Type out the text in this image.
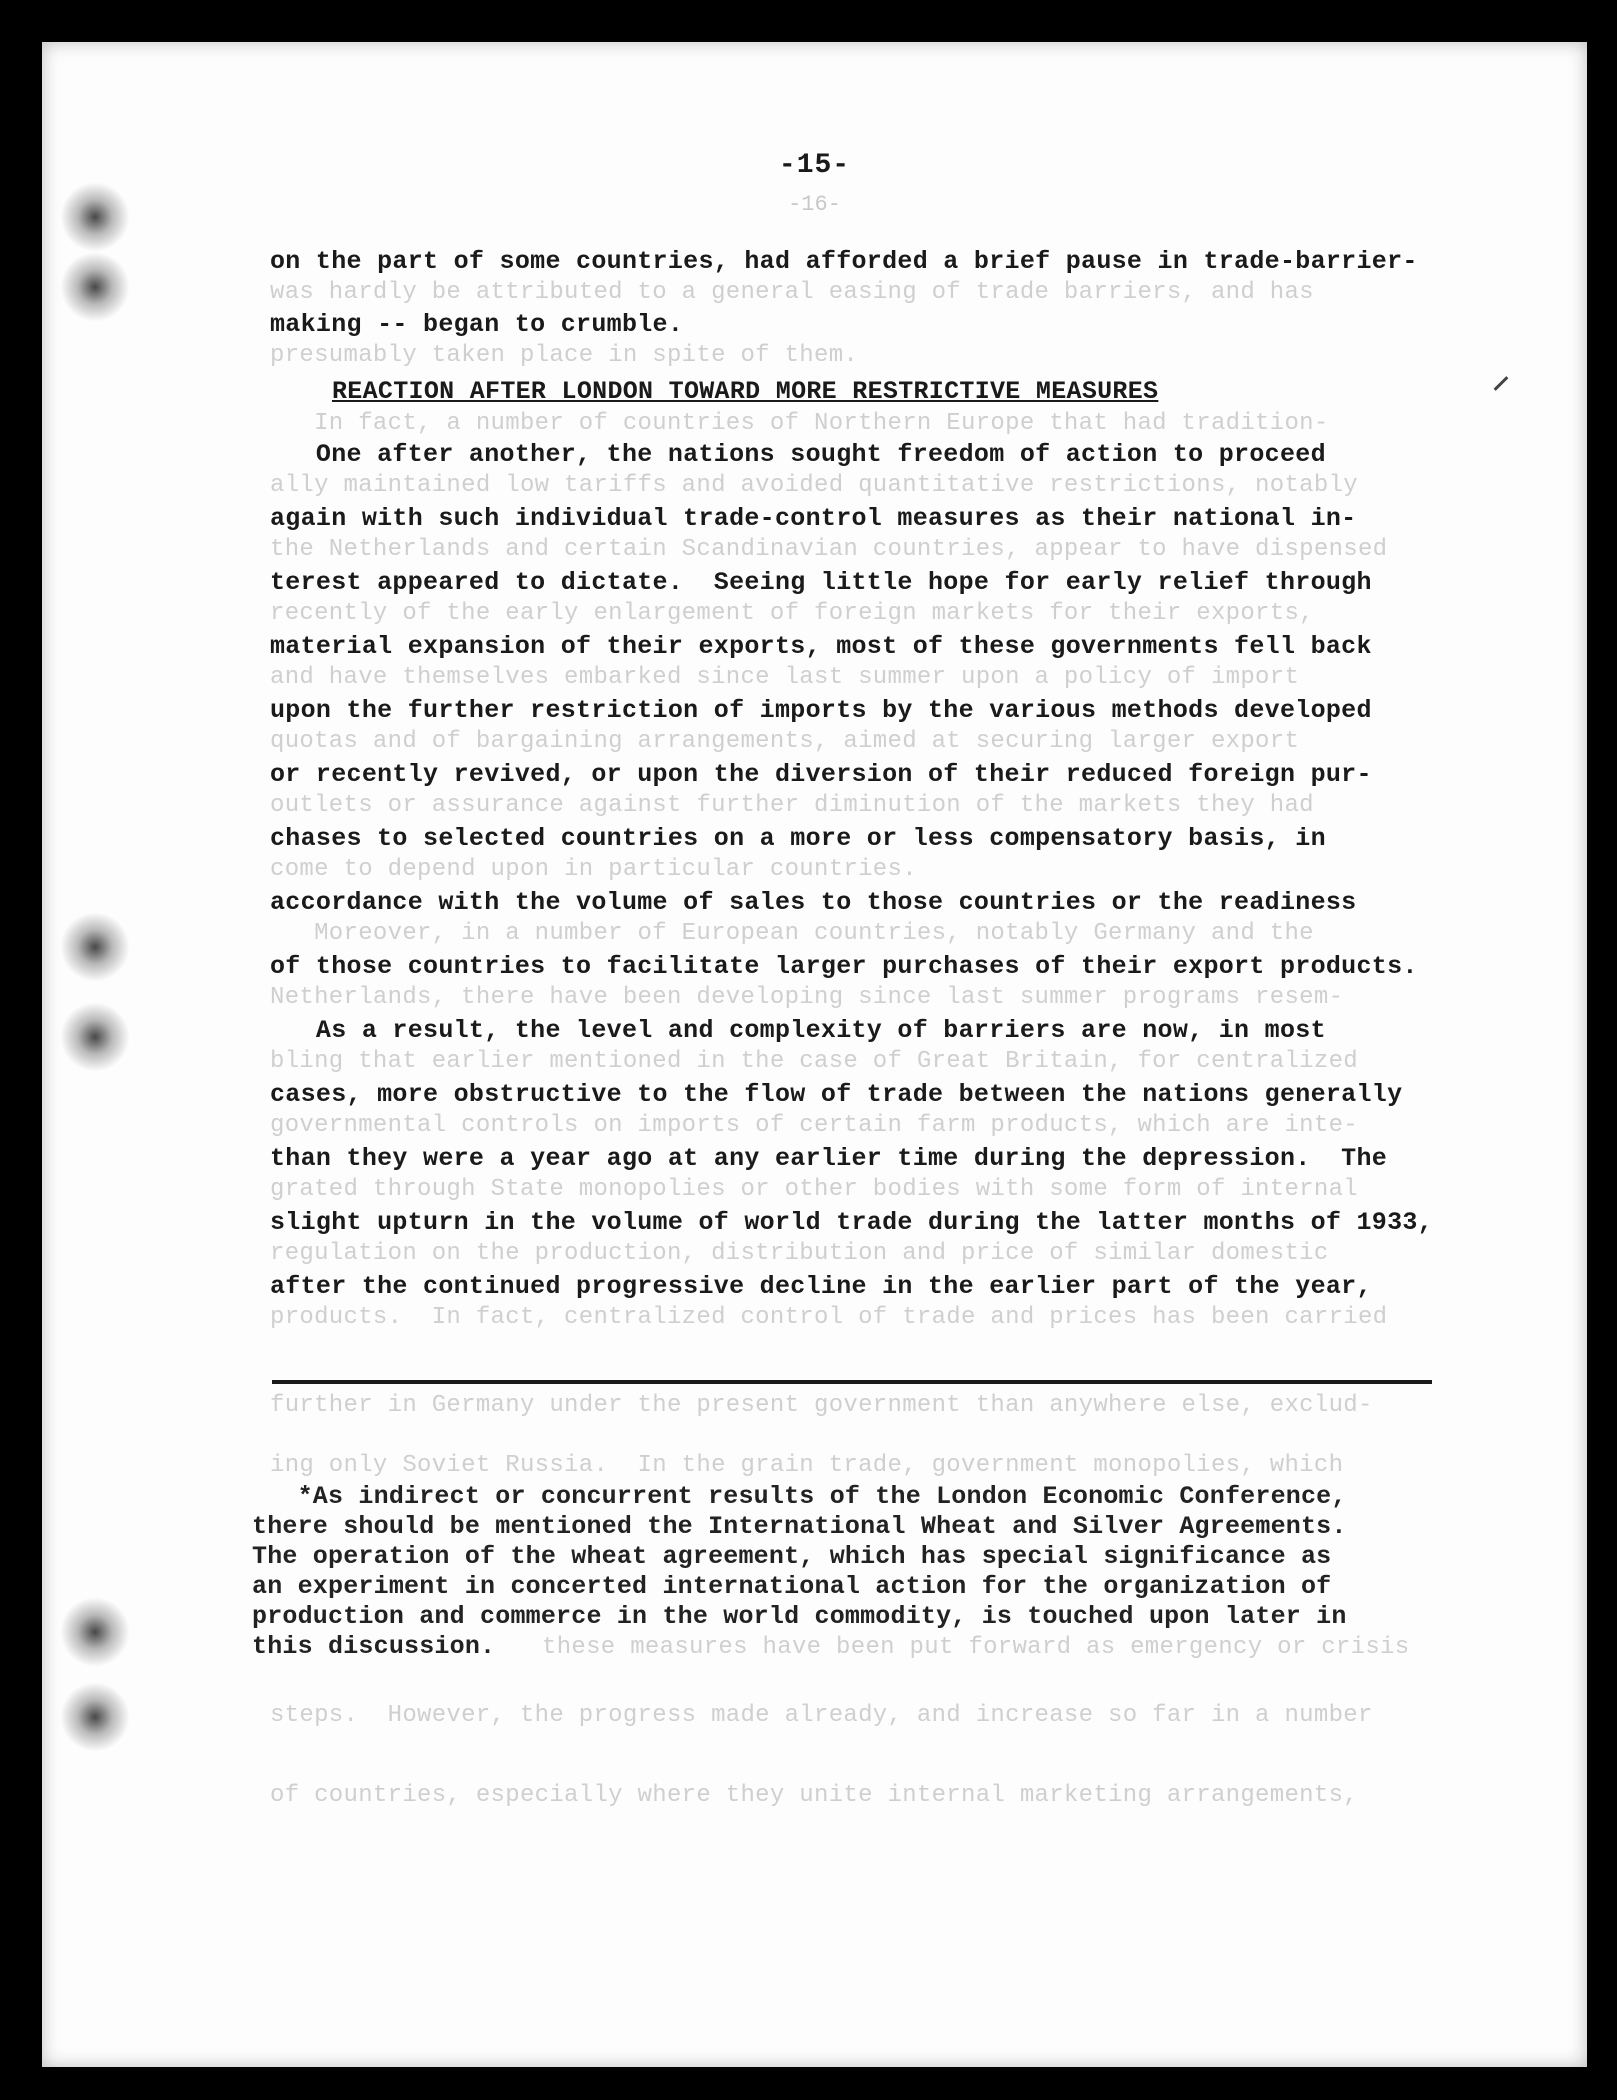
-15-
-16-
on the part of some countries, had afforded a brief pause in trade-barrier-
was hardly be attributed to a general easing of trade barriers, and has
making -- began to crumble.
presumably taken place in spite of them.
REACTION AFTER LONDON TOWARD MORE RESTRICTIVE MEASURES
In fact, a number of countries of Northern Europe that had tradition-
One after another, the nations sought freedom of action to proceed
ally maintained low tariffs and avoided quantitative restrictions, notably
again with such individual trade-control measures as their national in-
the Netherlands and certain Scandinavian countries, appear to have dispensed
terest appeared to dictate.  Seeing little hope for early relief through
recently of the early enlargement of foreign markets for their exports,
material expansion of their exports, most of these governments fell back
and have themselves embarked since last summer upon a policy of import
upon the further restriction of imports by the various methods developed
quotas and of bargaining arrangements, aimed at securing larger export
or recently revived, or upon the diversion of their reduced foreign pur-
outlets or assurance against further diminution of the markets they had
chases to selected countries on a more or less compensatory basis, in
come to depend upon in particular countries.
accordance with the volume of sales to those countries or the readiness
Moreover, in a number of European countries, notably Germany and the
of those countries to facilitate larger purchases of their export products.
Netherlands, there have been developing since last summer programs resem-
As a result, the level and complexity of barriers are now, in most
bling that earlier mentioned in the case of Great Britain, for centralized
cases, more obstructive to the flow of trade between the nations generally
governmental controls on imports of certain farm products, which are inte-
than they were a year ago at any earlier time during the depression.  The
grated through State monopolies or other bodies with some form of internal
slight upturn in the volume of world trade during the latter months of 1933,
regulation on the production, distribution and price of similar domestic
after the continued progressive decline in the earlier part of the year,
products.  In fact, centralized control of trade and prices has been carried
further in Germany under the present government than anywhere else, exclud-
ing only Soviet Russia.  In the grain trade, government monopolies, which
*As indirect or concurrent results of the London Economic Conference,
there should be mentioned the International Wheat and Silver Agreements.
The operation of the wheat agreement, which has special significance as
an experiment in concerted international action for the organization of
production and commerce in the world commodity, is touched upon later in
this discussion. these measures have been put forward as emergency or crisis
steps.  However, the progress made already, and increase so far in a number
of countries, especially where they unite internal marketing arrangements,
